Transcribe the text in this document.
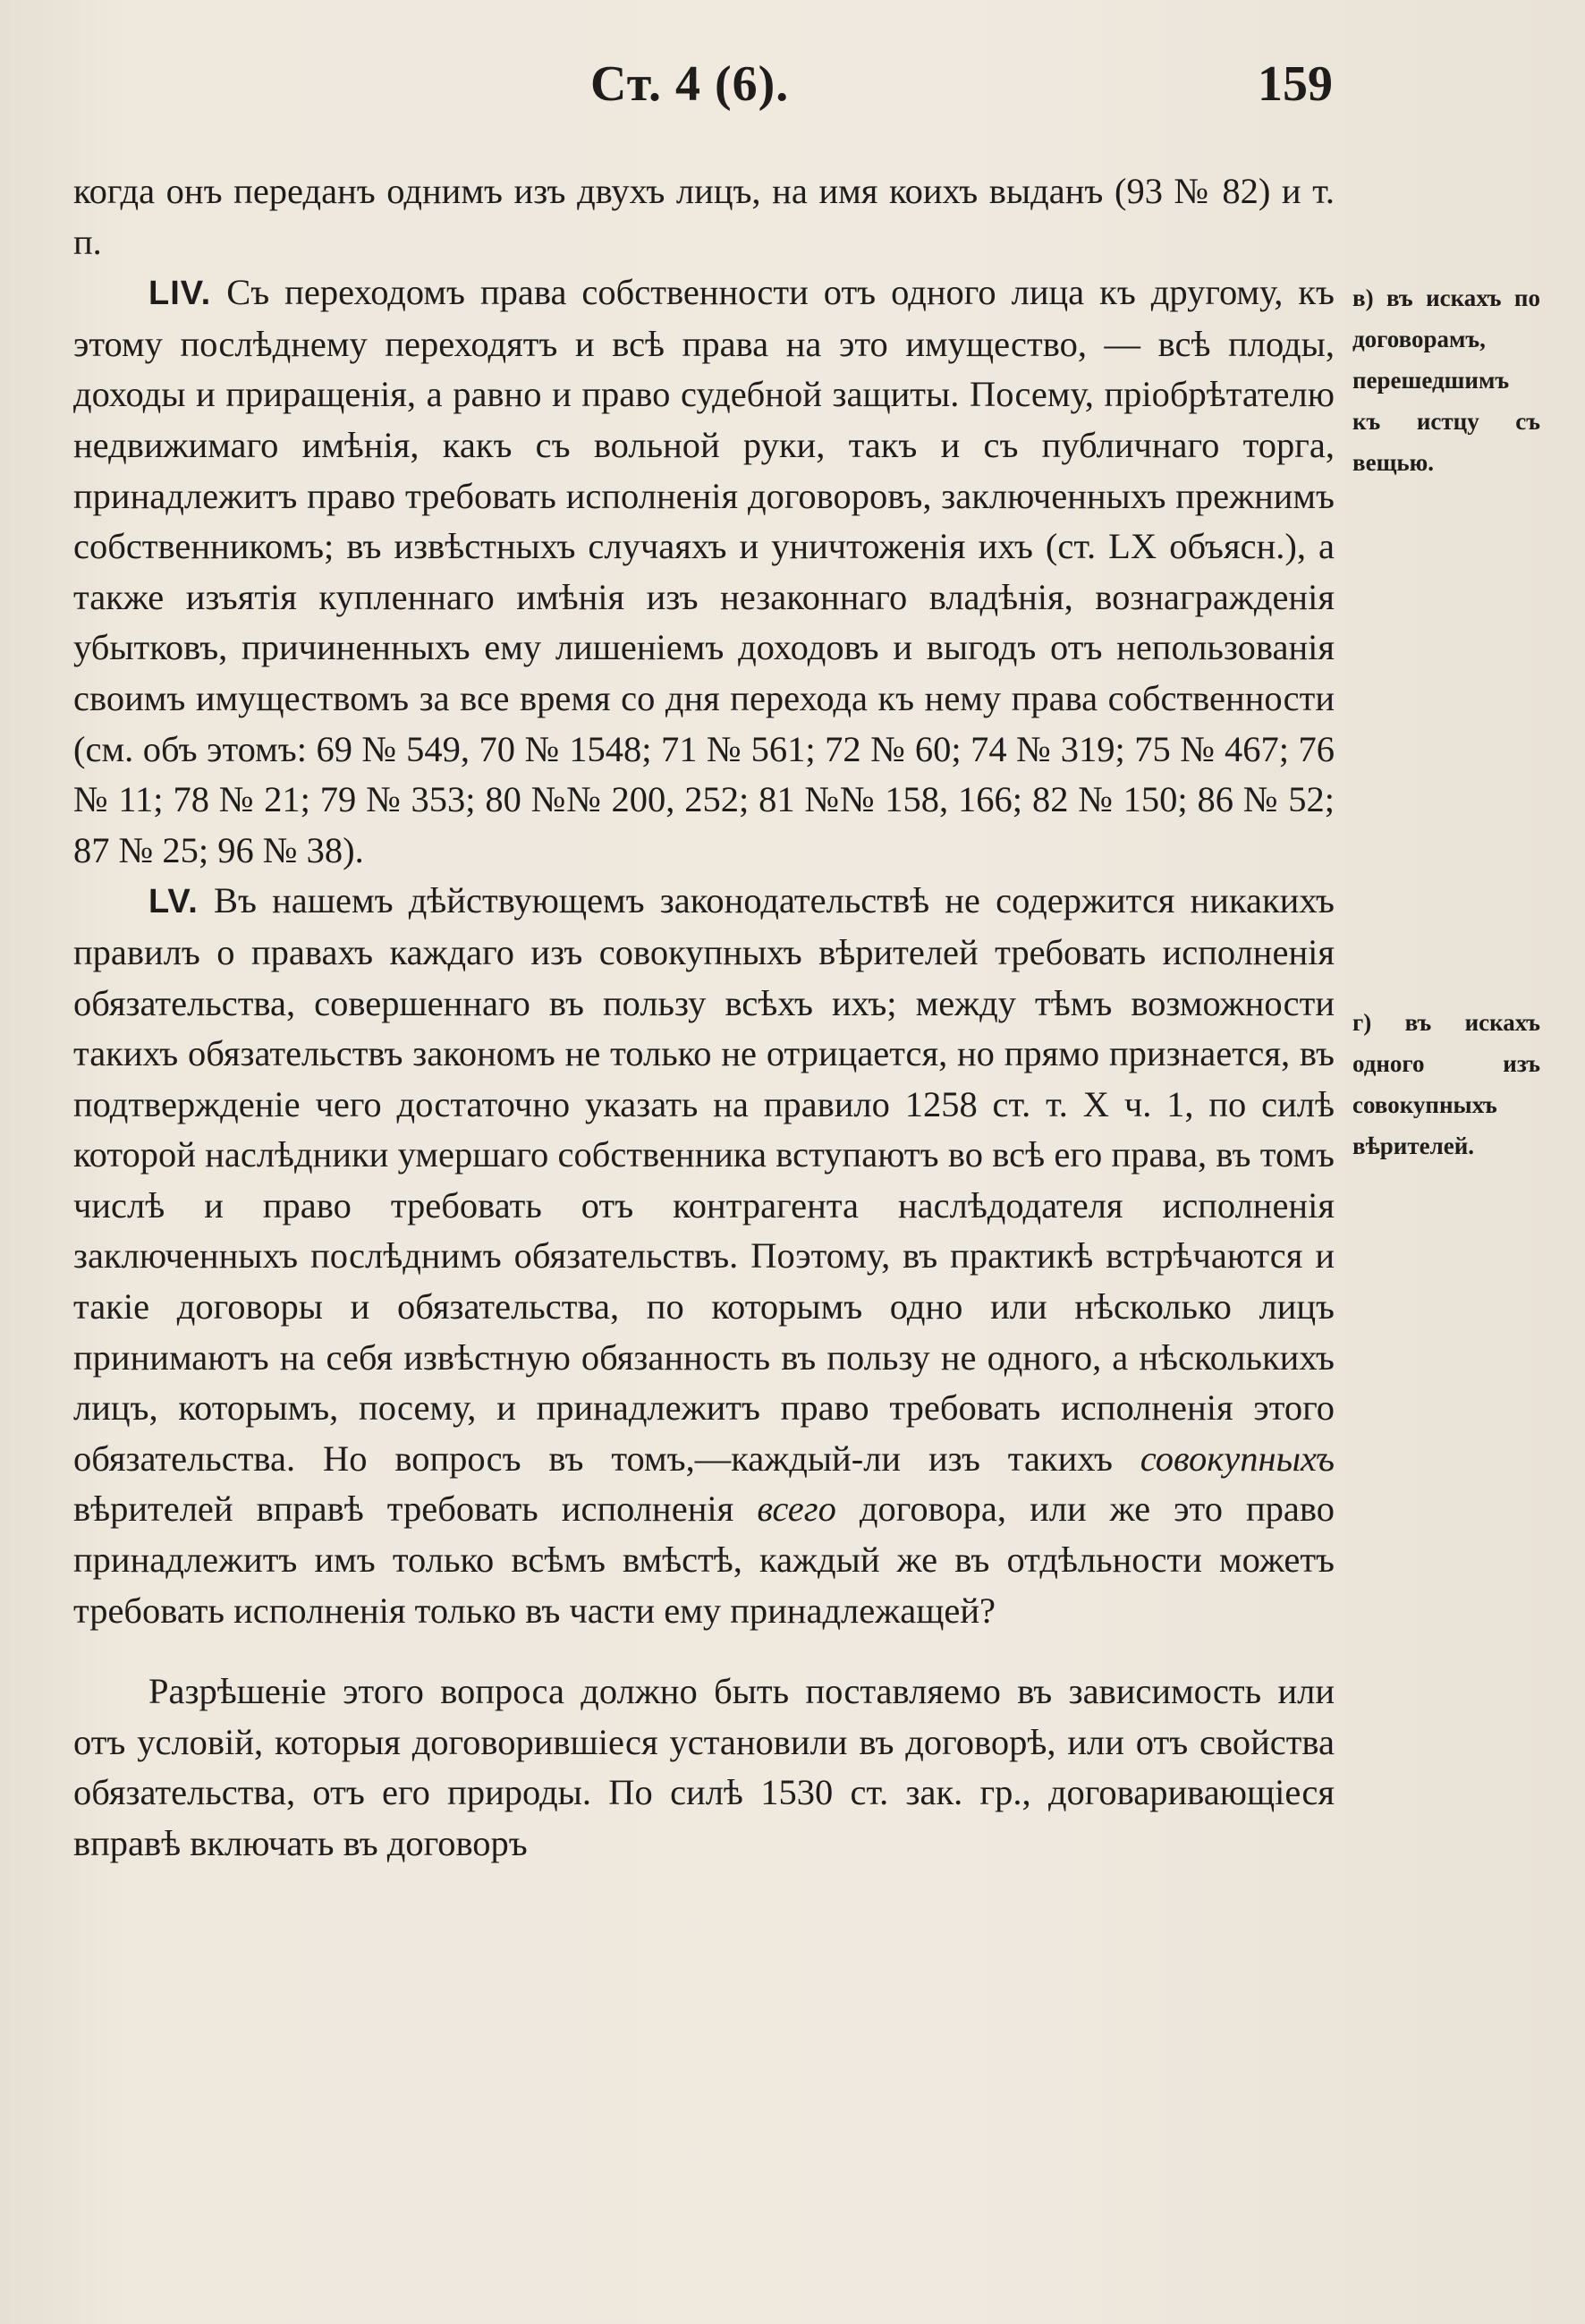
Ст. 4 (6).	159

когда онъ переданъ однимъ изъ двухъ лицъ, на имя коихъ выданъ (93 № 82) и т. п.

LIV. Съ переходомъ права собственности отъ одного лица къ другому, къ этому послѣднему переходятъ и всѣ права на это имущество, — всѣ плоды, доходы и приращенія, а равно и право судебной защиты. Посему, пріобрѣтателю недвижимаго имѣнія, какъ съ вольной руки, такъ и съ публичнаго торга, принадлежитъ право требовать исполненія договоровъ, заключенныхъ прежнимъ собственникомъ; въ извѣстныхъ случаяхъ и уничтоженія ихъ (ст. LX объясн.), а также изъятія купленнаго имѣнія изъ незаконнаго владѣнія, вознагражденія убытковъ, причиненныхъ ему лишеніемъ доходовъ и выгодъ отъ непользованія своимъ имуществомъ за все время со дня перехода къ нему права собственности (см. объ этомъ: 69 № 549, 70 № 1548; 71 № 561; 72 № 60; 74 № 319; 75 № 467; 76 № 11; 78 № 21; 79 № 353; 80 №№ 200, 252; 81 №№ 158, 166; 82 № 150; 86 № 52; 87 № 25; 96 № 38).

LV. Въ нашемъ дѣйствующемъ законодательствѣ не содержится никакихъ правилъ о правахъ каждаго изъ совокупныхъ вѣрителей требовать исполненія обязательства, совершеннаго въ пользу всѣхъ ихъ; между тѣмъ возможности такихъ обязательствъ закономъ не только не отрицается, но прямо признается, въ подтвержденіе чего достаточно указать на правило 1258 ст. т. X ч. 1, по силѣ которой наслѣдники умершаго собственника вступаютъ во всѣ его права, въ томъ числѣ и право требовать отъ контрагента наслѣдодателя исполненія заключенныхъ послѣднимъ обязательствъ. Поэтому, въ практикѣ встрѣчаются и такіе договоры и обязательства, по которымъ одно или нѣсколько лицъ принимаютъ на себя извѣстную обязанность въ пользу не одного, а нѣсколькихъ лицъ, которымъ, посему, и принадлежитъ право требовать исполненія этого обязательства. Но вопросъ въ томъ,—каждый-ли изъ такихъ совокупныхъ вѣрителей вправѣ требовать исполненія всего договора, или же это право принадлежитъ имъ только всѣмъ вмѣстѣ, каждый же въ отдѣльности можетъ требовать исполненія только въ части ему принадлежащей?

Разрѣшеніе этого вопроса должно быть поставляемо въ зависимость или отъ условій, которыя договорившіеся установили въ договорѣ, или отъ свойства обязательства, отъ его природы. По силѣ 1530 ст. зак. гр., договаривающіеся вправѣ включать въ договоръ

в) въ искахъ по договорамъ, перешедшимъ къ истцу съ вещью.
г) въ искахъ одного изъ совокупныхъ вѣрителей.
